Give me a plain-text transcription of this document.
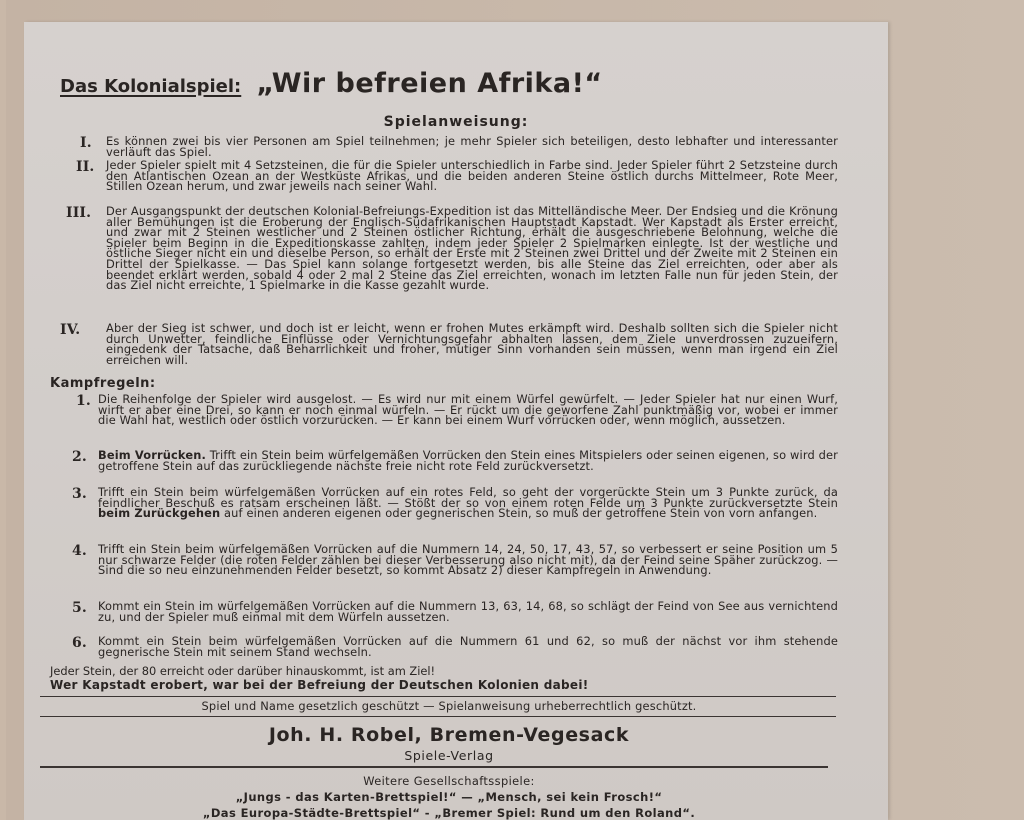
Das Kolonialspiel: „Wir befreien Afrika!“
Spielanweisung:
I. Es können zwei bis vier Personen am Spiel teilnehmen; je mehr Spieler sich beteiligen, desto lebhafter und interessanter verläuft das Spiel.
II. Jeder Spieler spielt mit 4 Setzsteinen, die für die Spieler unterschiedlich in Farbe sind. Jeder Spieler führt 2 Setzsteine durch den Atlantischen Ozean an der Westküste Afrikas, und die beiden anderen Steine östlich durchs Mittelmeer, Rote Meer, Stillen Ozean herum, und zwar jeweils nach seiner Wahl.
III. Der Ausgangspunkt der deutschen Kolonial-Befreiungs-Expedition ist das Mittelländische Meer. Der Endsieg und die Krönung aller Bemühungen ist die Eroberung der Englisch-Südafrikanischen Hauptstadt Kapstadt. Wer Kapstadt als Erster erreicht, und zwar mit 2 Steinen westlicher und 2 Steinen östlicher Richtung, erhält die ausgeschriebene Belohnung, welche die Spieler beim Beginn in die Expeditionskasse zahlten, indem jeder Spieler 2 Spielmarken einlegte. Ist der westliche und östliche Sieger nicht ein und dieselbe Person, so erhält der Erste mit 2 Steinen zwei Drittel und der Zweite mit 2 Steinen ein Drittel der Spielkasse. — Das Spiel kann solange fortgesetzt werden, bis alle Steine das Ziel erreichten, oder aber als beendet erklärt werden, sobald 4 oder 2 mal 2 Steine das Ziel erreichten, wonach im letzten Falle nun für jeden Stein, der das Ziel nicht erreichte, 1 Spielmarke in die Kasse gezahlt wurde.
IV. Aber der Sieg ist schwer, und doch ist er leicht, wenn er frohen Mutes erkämpft wird. Deshalb sollten sich die Spieler nicht durch Unwetter, feindliche Einflüsse oder Vernichtungsgefahr abhalten lassen, dem Ziele unverdrossen zuzueifern, eingedenk der Tatsache, daß Beharrlichkeit und froher, mutiger Sinn vorhanden sein müssen, wenn man irgend ein Ziel erreichen will.
Kampfregeln:
1. Die Reihenfolge der Spieler wird ausgelost. — Es wird nur mit einem Würfel gewürfelt. — Jeder Spieler hat nur einen Wurf, wirft er aber eine Drei, so kann er noch einmal würfeln. — Er rückt um die geworfene Zahl punktmäßig vor, wobei er immer die Wahl hat, westlich oder östlich vorzurücken. — Er kann bei einem Wurf vorrücken oder, wenn möglich, aussetzen.
2. Beim Vorrücken. Trifft ein Stein beim würfelgemäßen Vorrücken den Stein eines Mitspielers oder seinen eigenen, so wird der getroffene Stein auf das zurückliegende nächste freie nicht rote Feld zurückversetzt.
3. Trifft ein Stein beim würfelgemäßen Vorrücken auf ein rotes Feld, so geht der vorgerückte Stein um 3 Punkte zurück, da feindlicher Beschuß es ratsam erscheinen läßt. — Stößt der so von einem roten Felde um 3 Punkte zurückversetzte Stein beim Zurückgehen auf einen anderen eigenen oder gegnerischen Stein, so muß der getroffene Stein von vorn anfangen.
4. Trifft ein Stein beim würfelgemäßen Vorrücken auf die Nummern 14, 24, 50, 17, 43, 57, so verbessert er seine Position um 5 nur schwarze Felder (die roten Felder zählen bei dieser Verbesserung also nicht mit), da der Feind seine Späher zurückzog. — Sind die so neu einzunehmenden Felder besetzt, so kommt Absatz 2) dieser Kampfregeln in Anwendung.
5. Kommt ein Stein im würfelgemäßen Vorrücken auf die Nummern 13, 63, 14, 68, so schlägt der Feind von See aus vernichtend zu, und der Spieler muß einmal mit dem Würfeln aussetzen.
6. Kommt ein Stein beim würfelgemäßen Vorrücken auf die Nummern 61 und 62, so muß der nächst vor ihm stehende gegnerische Stein mit seinem Stand wechseln.
Jeder Stein, der 80 erreicht oder darüber hinauskommt, ist am Ziel!
Wer Kapstadt erobert, war bei der Befreiung der Deutschen Kolonien dabei!
Spiel und Name gesetzlich geschützt — Spielanweisung urheberrechtlich geschützt.
Joh. H. Robel, Bremen-Vegesack
Spiele-Verlag
Weitere Gesellschaftsspiele:
„Jungs - das Karten-Brettspiel!“ — „Mensch, sei kein Frosch!“
„Das Europa-Städte-Brettspiel“ - „Bremer Spiel: Rund um den Roland“.
